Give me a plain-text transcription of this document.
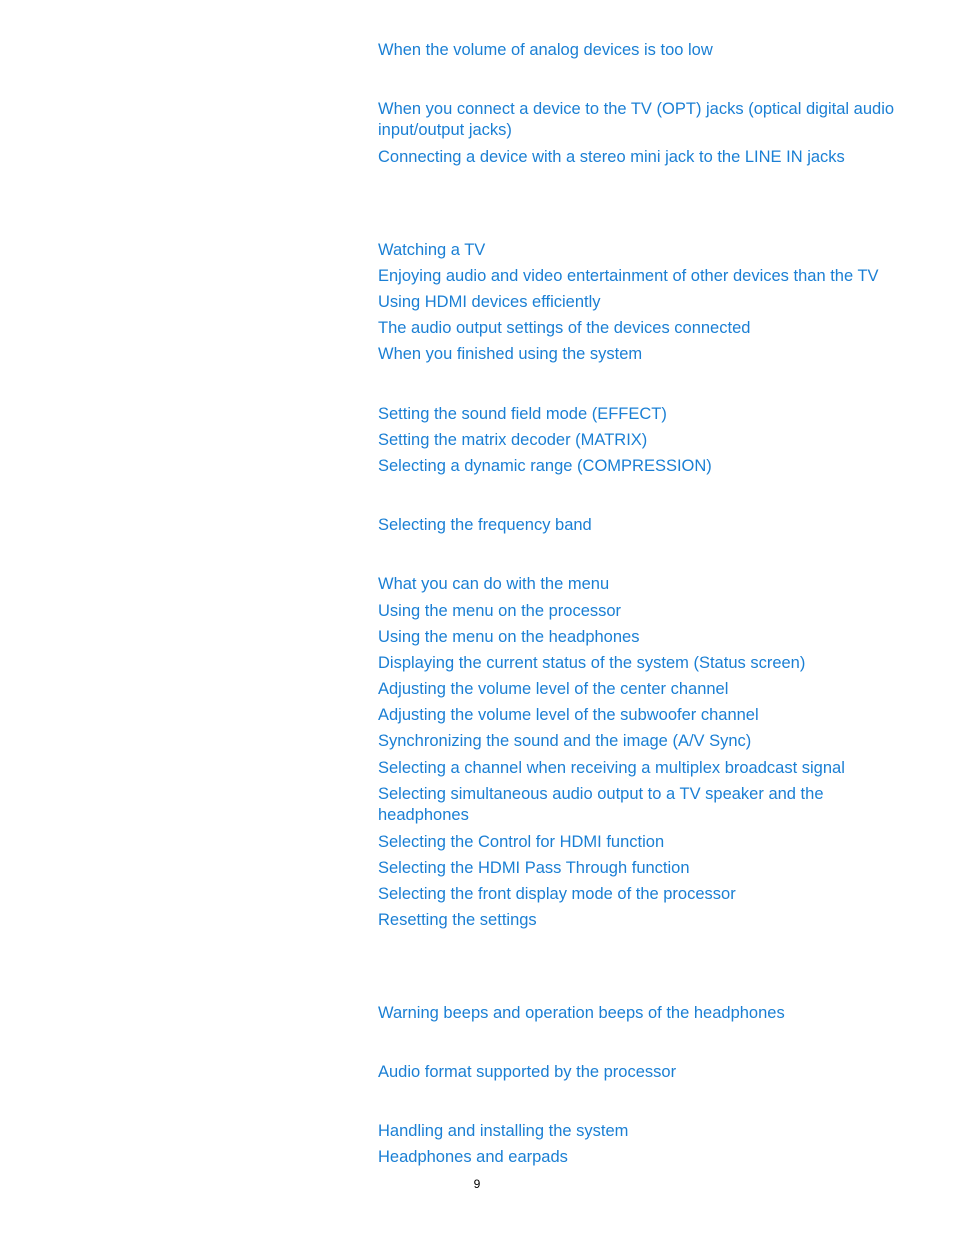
When the volume of analog devices is too low
When you connect a device to the TV (OPT) jacks (optical digital audio input/output jacks)
Connecting a device with a stereo mini jack to the LINE IN jacks
Watching a TV
Enjoying audio and video entertainment of other devices than the TV
Using HDMI devices efficiently
The audio output settings of the devices connected
When you finished using the system
Setting the sound field mode (EFFECT)
Setting the matrix decoder (MATRIX)
Selecting a dynamic range (COMPRESSION)
Selecting the frequency band
What you can do with the menu
Using the menu on the processor
Using the menu on the headphones
Displaying the current status of the system (Status screen)
Adjusting the volume level of the center channel
Adjusting the volume level of the subwoofer channel
Synchronizing the sound and the image (A/V Sync)
Selecting a channel when receiving a multiplex broadcast signal
Selecting simultaneous audio output to a TV speaker and the headphones
Selecting the Control for HDMI function
Selecting the HDMI Pass Through function
Selecting the front display mode of the processor
Resetting the settings
Warning beeps and operation beeps of the headphones
Audio format supported by the processor
Handling and installing the system
Headphones and earpads
9
